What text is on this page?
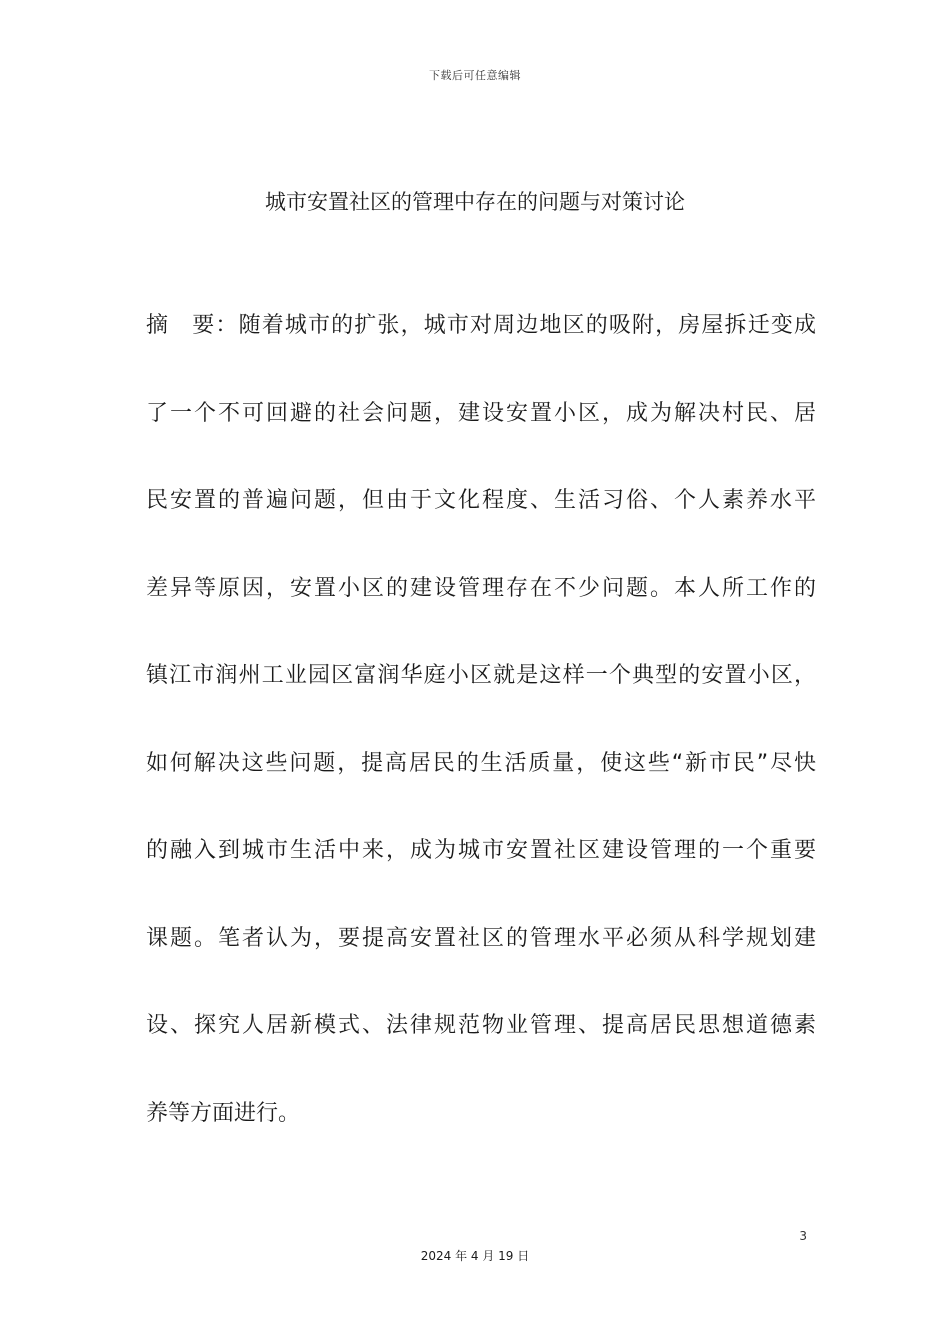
下载后可任意编辑
城市安置社区的管理中存在的问题与对策讨论
摘　要：随着城市的扩张，城市对周边地区的吸附，房屋拆迁变成
了一个不可回避的社会问题，建设安置小区，成为解决村民、居
民安置的普遍问题，但由于文化程度、生活习俗、个人素养水平
差异等原因，安置小区的建设管理存在不少问题。本人所工作的
镇江市润州工业园区富润华庭小区就是这样一个典型的安置小区，
如何解决这些问题，提高居民的生活质量，使这些“新市民”尽快
的融入到城市生活中来，成为城市安置社区建设管理的一个重要
课题。笔者认为，要提高安置社区的管理水平必须从科学规划建
设、探究人居新模式、法律规范物业管理、提高居民思想道德素
养等方面进行。
3
2024 年 4 月 19 日
